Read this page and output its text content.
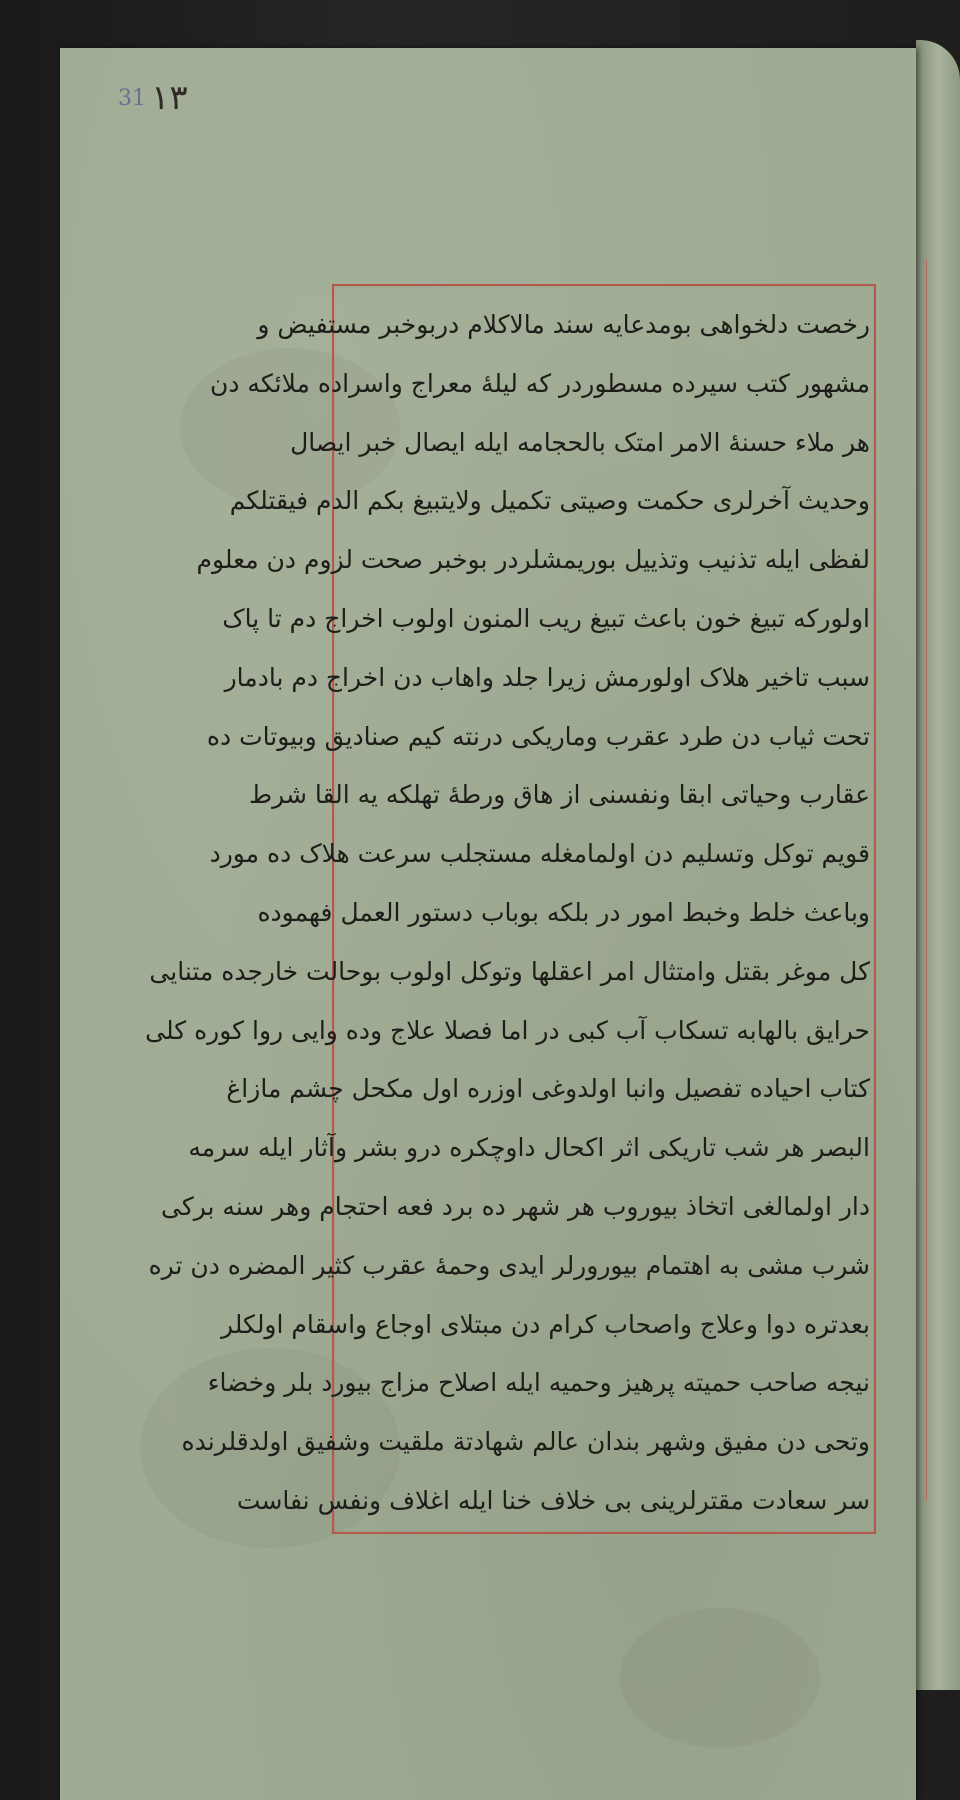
٣١ 31
رخصت دلخواهی بومدعایه سند مالاکلام دربوخبر مستفیض و
مشهور کتب سیرده مسطوردر که لیلهٔ معراج واسراده ملائکه دن
هر ملاء حسنهٔ الامر امتک بالحجامه ایله ایصال خبر ایصال
وحدیث آخرلری حکمت وصیتی تکمیل ولایتبیغ بکم الدم فیقتلکم
لفظی ایله تذنیب وتذییل بوریمشلردر بوخبر صحت لزوم دن معلوم
اولورکه تبیغ خون باعث تبیغ ریب المنون اولوب اخراج دم تا پاک
سبب تاخیر هلاک اولورمش زیرا جلد واهاب دن اخراج دم بادمار
تحت ثیاب دن طرد عقرب وماریکی درنته کیم صنادیق وبیوتات ده
عقارب وحیاتی ابقا ونفسنی از هاق ورطهٔ تهلکه یه القا شرط
قویم توکل وتسلیم دن اولمامغله مستجلب سرعت هلاک ده مورد
وباعث خلط وخبط امور در بلکه بوباب دستور العمل فهموده
کل موغر بقتل وامتثال امر اعقلها وتوکل اولوب بوحالت خارجده متنایی
حرایق بالهابه تسکاب آب کبی در اما فصلا علاج وده وایی روا کوره کلی
کتاب احیاده تفصیل وانبا اولدوغی اوزره اول مکحل چشم مازاغ
البصر هر شب تاریکی اثر اکحال داوچکره درو بشر وآثار ایله سرمه
دار اولمالغی اتخاذ بیوروب هر شهر ده برد فعه احتجام وهر سنه برکی
شرب مشی به اهتمام بیورورلر ایدی وحمهٔ عقرب کثیر المضره دن تره
بعدتره دوا وعلاج واصحاب کرام دن مبتلای اوجاع واسقام اولکلر
نیجه صاحب حمیته پرهیز وحمیه ایله اصلاح مزاج بیورد بلر وخضاء
وتحی دن مفیق وشهر بندان عالم شهادتة ملقیت وشفیق اولدقلرنده
سر سعادت مقترلرینی بی خلاف خنا ایله اغلاف ونفس نفاست
